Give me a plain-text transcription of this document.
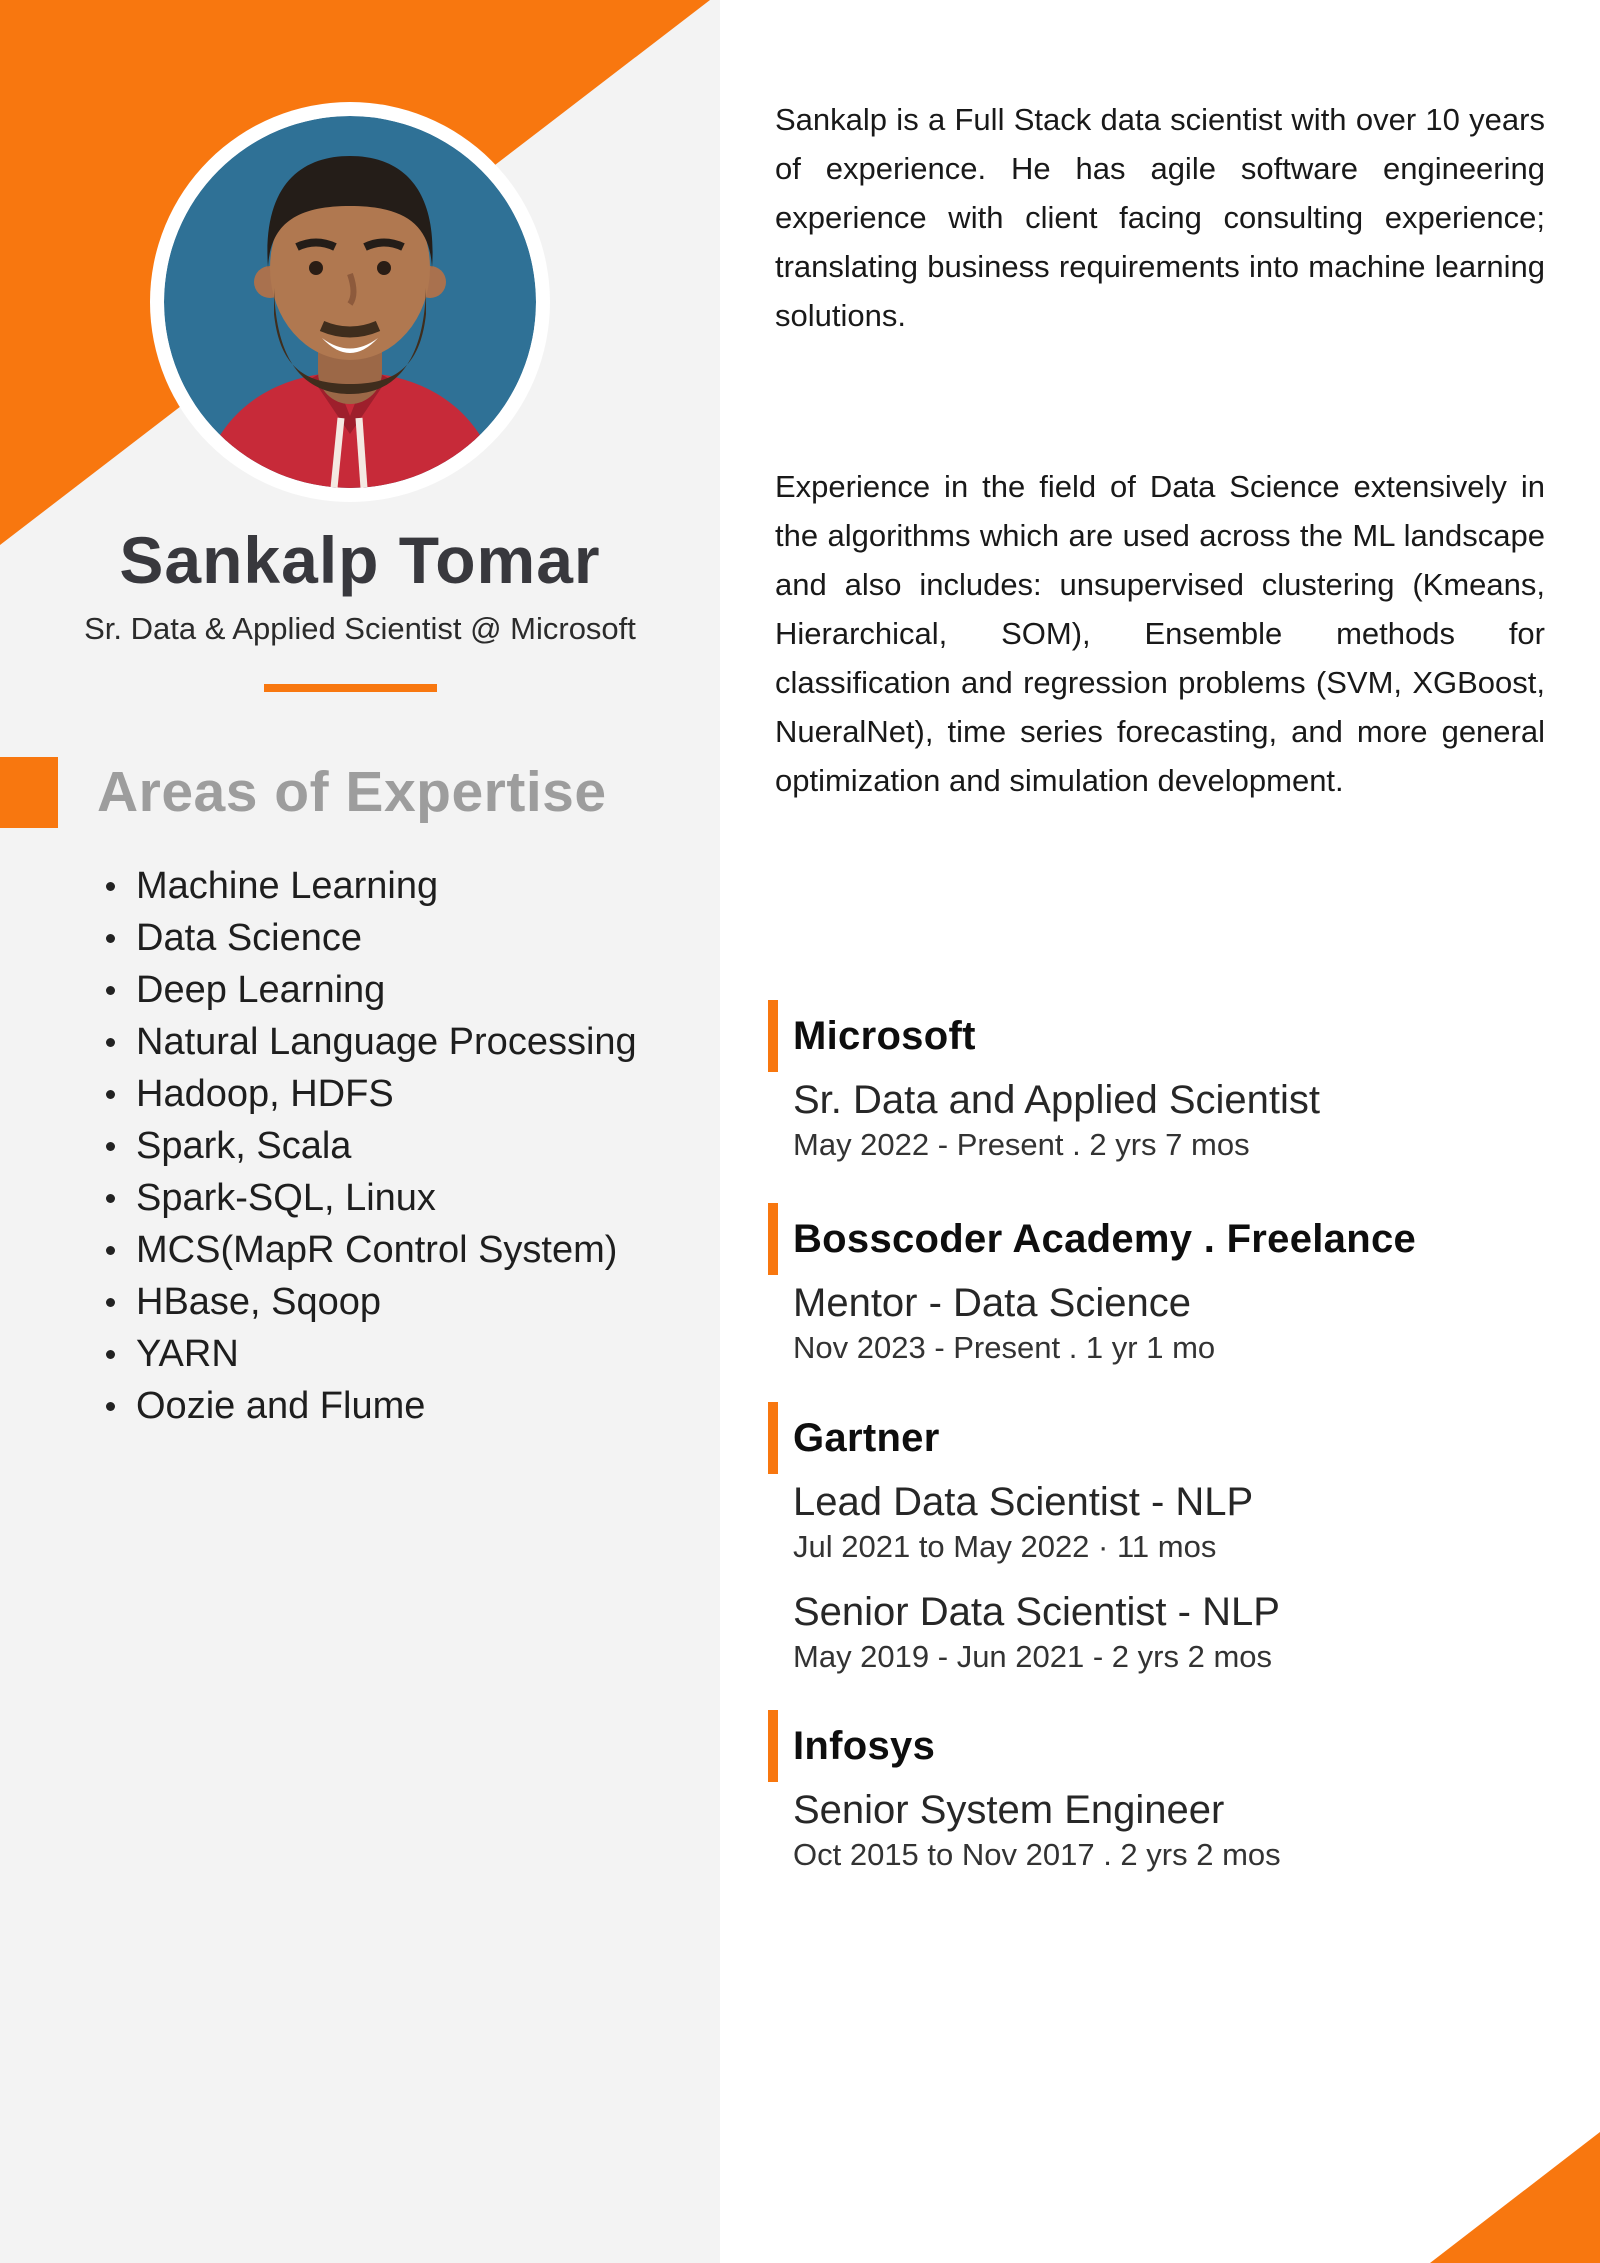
Sankalp Tomar
Sr. Data & Applied Scientist @ Microsoft
Areas of Expertise
Machine Learning
Data Science
Deep Learning
Natural Language Processing
Hadoop, HDFS
Spark, Scala
Spark-SQL, Linux
MCS(MapR Control System)
HBase, Sqoop
YARN
Oozie and Flume

Sankalp is a Full Stack data scientist with over 10 years of experience. He has agile software engineering experience with client facing consulting experience; translating business requirements into machine learning solutions.

Experience in the field of Data Science extensively in the algorithms which are used across the ML landscape and also includes: unsupervised clustering (Kmeans, Hierarchical, SOM), Ensemble methods for classification and regression problems (SVM, XGBoost, NueralNet), time series forecasting, and more general optimization and simulation development.

Microsoft
Sr. Data and Applied Scientist
May 2022 - Present . 2 yrs 7 mos
Bosscoder Academy . Freelance
Mentor - Data Science
Nov 2023 - Present . 1 yr 1 mo
Gartner
Lead Data Scientist - NLP
Jul 2021 to May 2022 · 11 mos
Senior Data Scientist - NLP
May 2019 - Jun 2021 - 2 yrs 2 mos
Infosys
Senior System Engineer
Oct 2015 to Nov 2017 . 2 yrs 2 mos
